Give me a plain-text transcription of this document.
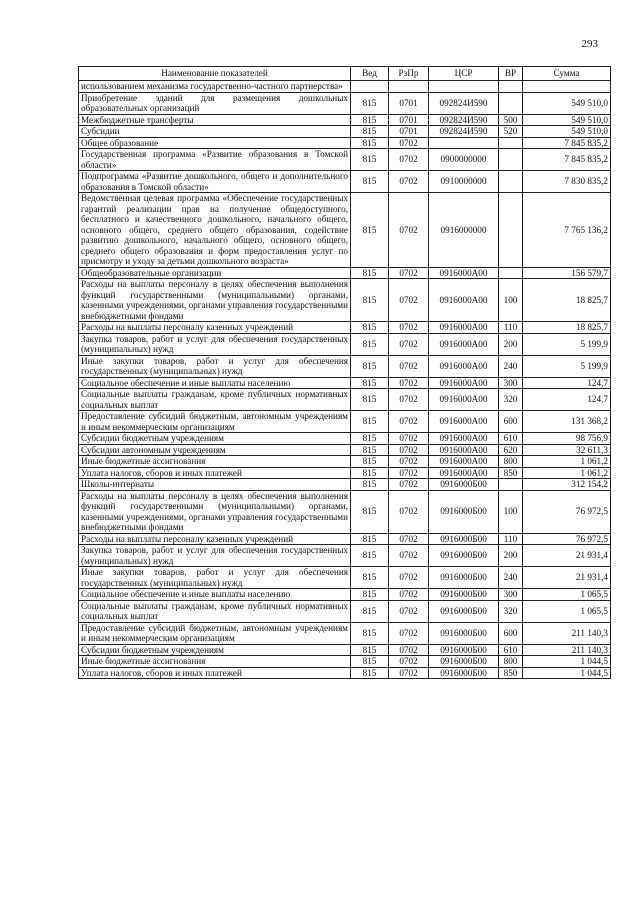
293
Наименование показателей	Вед	РзПр	ЦСР	ВР	Сумма
использованием механизма государственно-частного партнерства»					
Приобретение зданий для размещения дошкольных образовательных организаций	815	0701	092824И590		549 510,0
Межбюджетные трансферты	815	0701	092824И590	500	549 510,0
Субсидии	815	0701	092824И590	520	549 510,0
Общее образование	815	0702			7 845 835,2
Государственная программа «Развитие образования в Томской области»	815	0702	0900000000		7 845 835,2
Подпрограмма «Развитие дошкольного, общего и дополнительного образования в Томской области»	815	0702	0910000000		7 830 835,2
Ведомственная целевая программа «Обеспечение государственных гарантий реализации прав на получение общедоступного, бесплатного и качественного дошкольного, начального общего, основного общего, среднего общего образования, содействие развитию дошкольного, начального общего, основного общего, среднего общего образования и форм предоставления услуг по присмотру и уходу за детьми дошкольного возраста»	815	0702	0916000000		7 765 136,2
Общеобразовательные организации	815	0702	0916000А00		156 579,7
Расходы на выплаты персоналу в целях обеспечения выполнения функций государственными (муниципальными) органами, казенными учреждениями, органами управления государственными внебюджетными фондами	815	0702	0916000А00	100	18 825,7
Расходы на выплаты персоналу казенных учреждений	815	0702	0916000А00	110	18 825,7
Закупка товаров, работ и услуг для обеспечения государственных (муниципальных) нужд	815	0702	0916000А00	200	5 199,9
Иные закупки товаров, работ и услуг для обеспечения государственных (муниципальных) нужд	815	0702	0916000А00	240	5 199,9
Социальное обеспечение и иные выплаты населению	815	0702	0916000А00	300	124,7
Социальные выплаты гражданам, кроме публичных нормативных социальных выплат	815	0702	0916000А00	320	124,7
Предоставление субсидий бюджетным, автономным учреждениям и иным некоммерческим организациям	815	0702	0916000А00	600	131 368,2
Субсидии бюджетным учреждениям	815	0702	0916000А00	610	98 756,9
Субсидии автономным учреждениям	815	0702	0916000А00	620	32 611,3
Иные бюджетные ассигнования	815	0702	0916000А00	800	1 061,2
Уплата налогов, сборов и иных платежей	815	0702	0916000А00	850	1 061,2
Школы-интернаты	815	0702	0916000Б00		312 154,2
Расходы на выплаты персоналу в целях обеспечения выполнения функций государственными (муниципальными) органами, казенными учреждениями, органами управления государственными внебюджетными фондами	815	0702	0916000Б00	100	76 972,5
Расходы на выплаты персоналу казенных учреждений	815	0702	0916000Б00	110	76 972,5
Закупка товаров, работ и услуг для обеспечения государственных (муниципальных) нужд	815	0702	0916000Б00	200	21 931,4
Иные закупки товаров, работ и услуг для обеспечения государственных (муниципальных) нужд	815	0702	0916000Б00	240	21 931,4
Социальное обеспечение и иные выплаты населению	815	0702	0916000Б00	300	1 065,5
Социальные выплаты гражданам, кроме публичных нормативных социальных выплат	815	0702	0916000Б00	320	1 065,5
Предоставление субсидий бюджетным, автономным учреждениям и иным некоммерческим организациям	815	0702	0916000Б00	600	211 140,3
Субсидии бюджетным учреждениям	815	0702	0916000Б00	610	211 140,3
Иные бюджетные ассигнования	815	0702	0916000Б00	800	1 044,5
Уплата налогов, сборов и иных платежей	815	0702	0916000Б00	850	1 044,5
